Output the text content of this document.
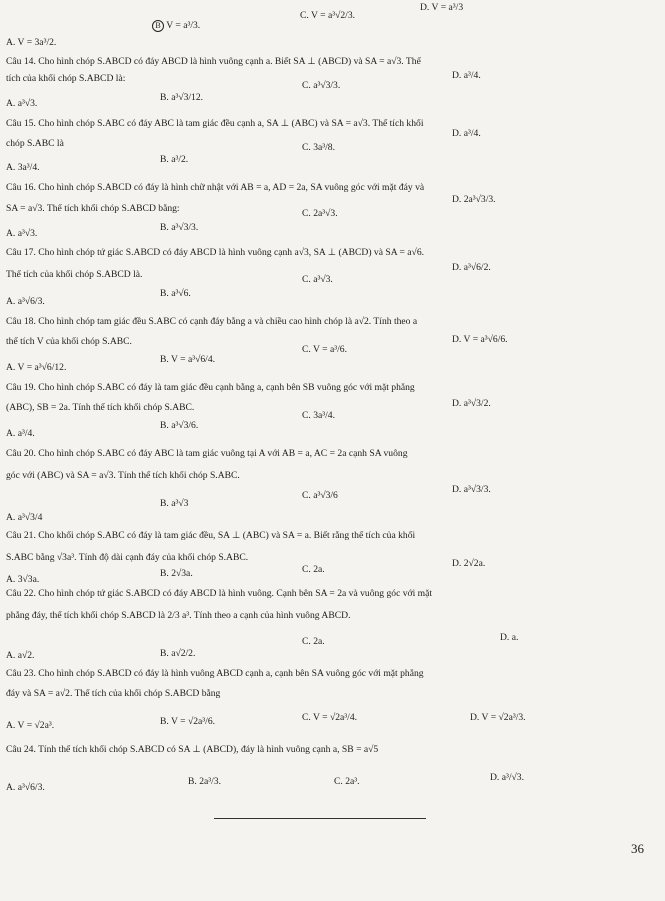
A. V = 3a³/2.
B V = a³/3.
C. V = a³√2/3.
D. V = a³/3
Câu 14. Cho hình chóp S.ABCD có đáy ABCD là hình vuông cạnh a. Biết SA ⊥ (ABCD) và SA = a√3. Thể
tích của khối chóp S.ABCD là:
A. a³√3.
B. a³√3/12.
C. a³√3/3.
D. a³/4.
Câu 15. Cho hình chóp S.ABC có đáy ABC là tam giác đều cạnh a, SA ⊥ (ABC) và SA = a√3. Thể tích khối
chóp S.ABC là
A. 3a³/4.
B. a³/2.
C. 3a³/8.
D. a³/4.
Câu 16. Cho hình chóp S.ABCD có đáy là hình chữ nhật với AB = a, AD = 2a, SA vuông góc với mặt đáy và
SA = a√3. Thể tích khối chóp S.ABCD bằng:
A. a³√3.
B. a³√3/3.
C. 2a³√3.
D. 2a³√3/3.
Câu 17. Cho hình chóp tứ giác S.ABCD có đáy ABCD là hình vuông cạnh a√3, SA ⊥ (ABCD) và SA = a√6.
Thể tích của khối chóp S.ABCD là.
A. a³√6/3.
B. a³√6.
C. a³√3.
D. a³√6/2.
Câu 18. Cho hình chóp tam giác đều S.ABC có cạnh đáy bằng a và chiều cao hình chóp là a√2. Tính theo a
thể tích V của khối chóp S.ABC.
A. V = a³√6/12.
B. V = a³√6/4.
C. V = a³/6.
D. V = a³√6/6.
Câu 19. Cho hình chóp S.ABC có đáy là tam giác đều cạnh bằng a, cạnh bên SB vuông góc với mặt phẳng
(ABC), SB = 2a. Tính thể tích khối chóp S.ABC.
A. a³/4.
B. a³√3/6.
C. 3a³/4.
D. a³√3/2.
Câu 20. Cho hình chóp S.ABC có đáy ABC là tam giác vuông tại A với AB = a, AC = 2a cạnh SA vuông
góc với (ABC) và SA = a√3. Tính thể tích khối chóp S.ABC.
A. a³√3/4
B. a³√3
C. a³√3/6
D. a³√3/3.
Câu 21. Cho khối chóp S.ABC có đáy là tam giác đều, SA ⊥ (ABC) và SA = a. Biết rằng thể tích của khối
S.ABC bằng √3a³. Tính độ dài cạnh đáy của khối chóp S.ABC.
A. 3√3a.
B. 2√3a.	C. 2a.
D. 2√2a.
Câu 22. Cho hình chóp tứ giác S.ABCD có đáy ABCD là hình vuông. Cạnh bên SA = 2a và vuông góc với mặt
phẳng đáy, thể tích khối chóp S.ABCD là 2/3 a³. Tính theo a cạnh của hình vuông ABCD.
A. a√2.	B. a√2/2.
C. 2a.	D. a.
Câu 23. Cho hình chóp S.ABCD có đáy là hình vuông ABCD cạnh a, cạnh bên SA vuông góc với mặt phẳng
đáy và SA = a√2. Thể tích của khối chóp S.ABCD bằng
A. V = √2a³.	B. V = √2a³/6.	C. V = √2a³/4.	D. V = √2a³/3.
Câu 24. Tính thể tích khối chóp S.ABCD có SA ⊥ (ABCD), đáy là hình vuông cạnh a, SB = a√5
A. a³√6/3.
B. 2a³/3.	C. 2a³.	D. a³/√3.
36
